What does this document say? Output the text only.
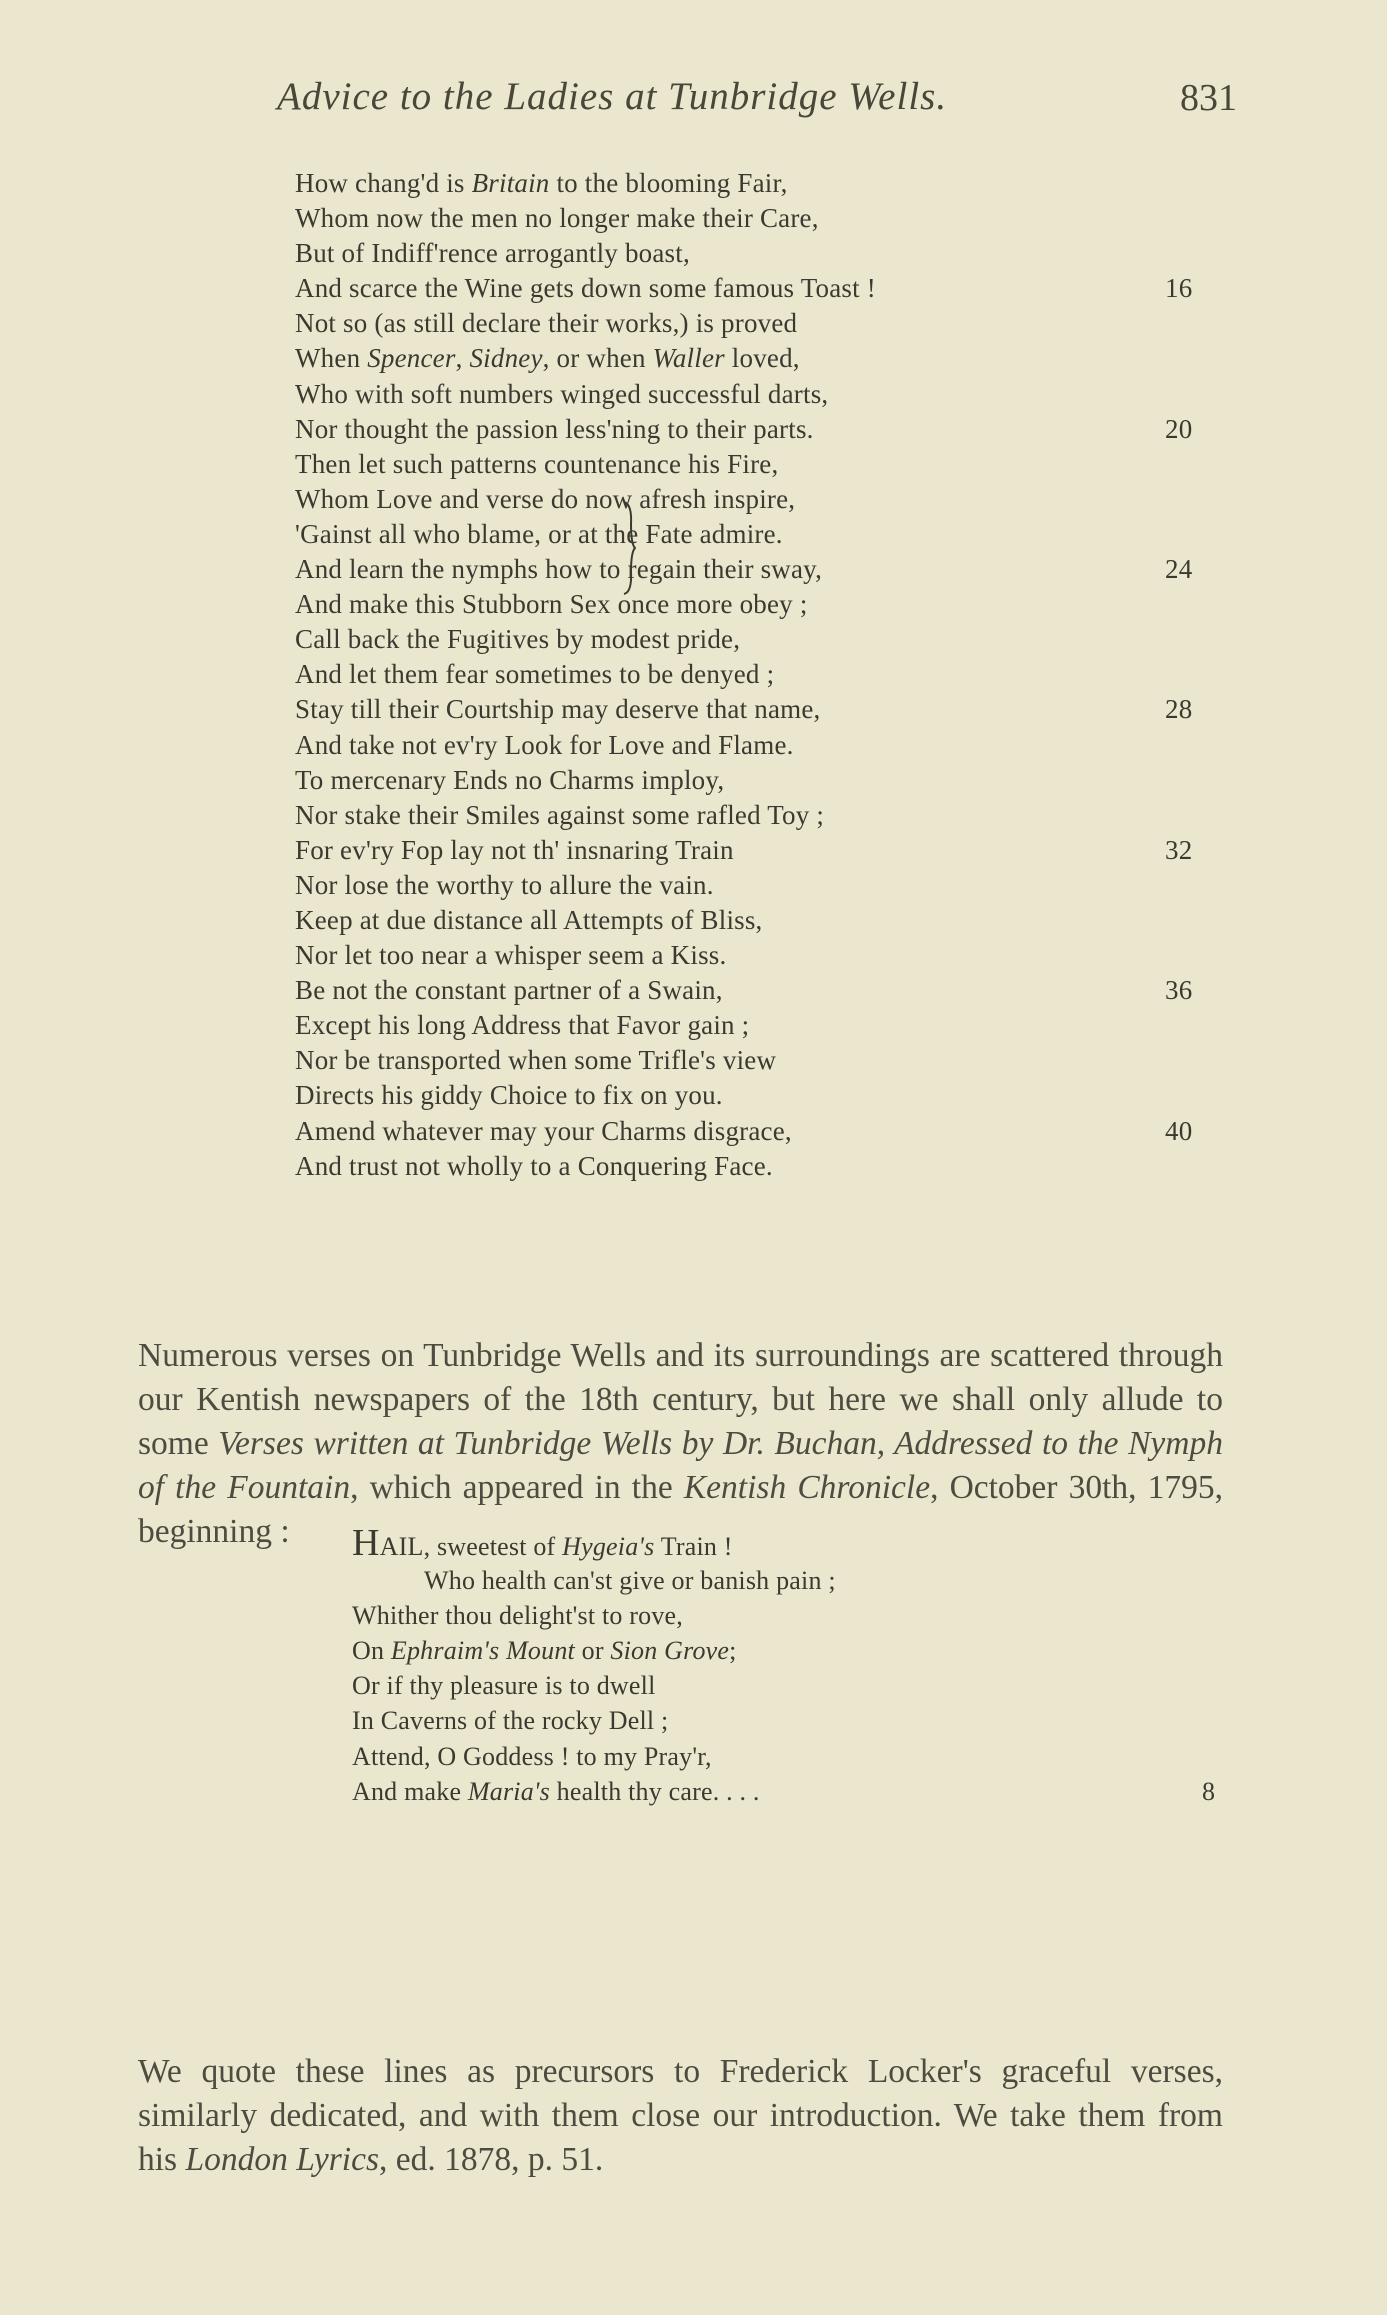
Advice to the Ladies at Tunbridge Wells.	831
How chang'd is Britain to the blooming Fair,
Whom now the men no longer make their Care,
But of Indiff'rence arrogantly boast,
And scarce the Wine gets down some famous Toast !	16
Not so (as still declare their works,) is proved
When Spencer, Sidney, or when Waller loved,
Who with soft numbers winged successful darts,
Nor thought the passion less'ning to their parts.	20
Then let such patterns countenance his Fire,
Whom Love and verse do now afresh inspire,
'Gainst all who blame, or at the Fate admire.
And learn the nymphs how to regain their sway,	24
And make this Stubborn Sex once more obey ;
Call back the Fugitives by modest pride,
And let them fear sometimes to be denyed ;
Stay till their Courtship may deserve that name,	28
And take not ev'ry Look for Love and Flame.
To mercenary Ends no Charms imploy,
Nor stake their Smiles against some rafled Toy ;
For ev'ry Fop lay not th' insnaring Train	32
Nor lose the worthy to allure the vain.
Keep at due distance all Attempts of Bliss,
Nor let too near a whisper seem a Kiss.
Be not the constant partner of a Swain,	36
Except his long Address that Favor gain ;
Nor be transported when some Trifle's view
Directs his giddy Choice to fix on you.
Amend whatever may your Charms disgrace,	40
And trust not wholly to a Conquering Face.

Numerous verses on Tunbridge Wells and its surroundings are scattered through our Kentish newspapers of the 18th century, but here we shall only allude to some Verses written at Tunbridge Wells by Dr. Buchan, Addressed to the Nymph of the Fountain, which appeared in the Kentish Chronicle, October 30th, 1795, beginning :	HAIL, sweetest of Hygeia's Train !
Who health can'st give or banish pain ;
Whither thou delight'st to rove,
On Ephraim's Mount or Sion Grove;
Or if thy pleasure is to dwell
In Caverns of the rocky Dell ;
Attend, O Goddess ! to my Pray'r,
And make Maria's health thy care. . . .	8

We quote these lines as precursors to Frederick Locker's graceful verses, similarly dedicated, and with them close our introduction. We take them from his London Lyrics, ed. 1878, p. 51.
